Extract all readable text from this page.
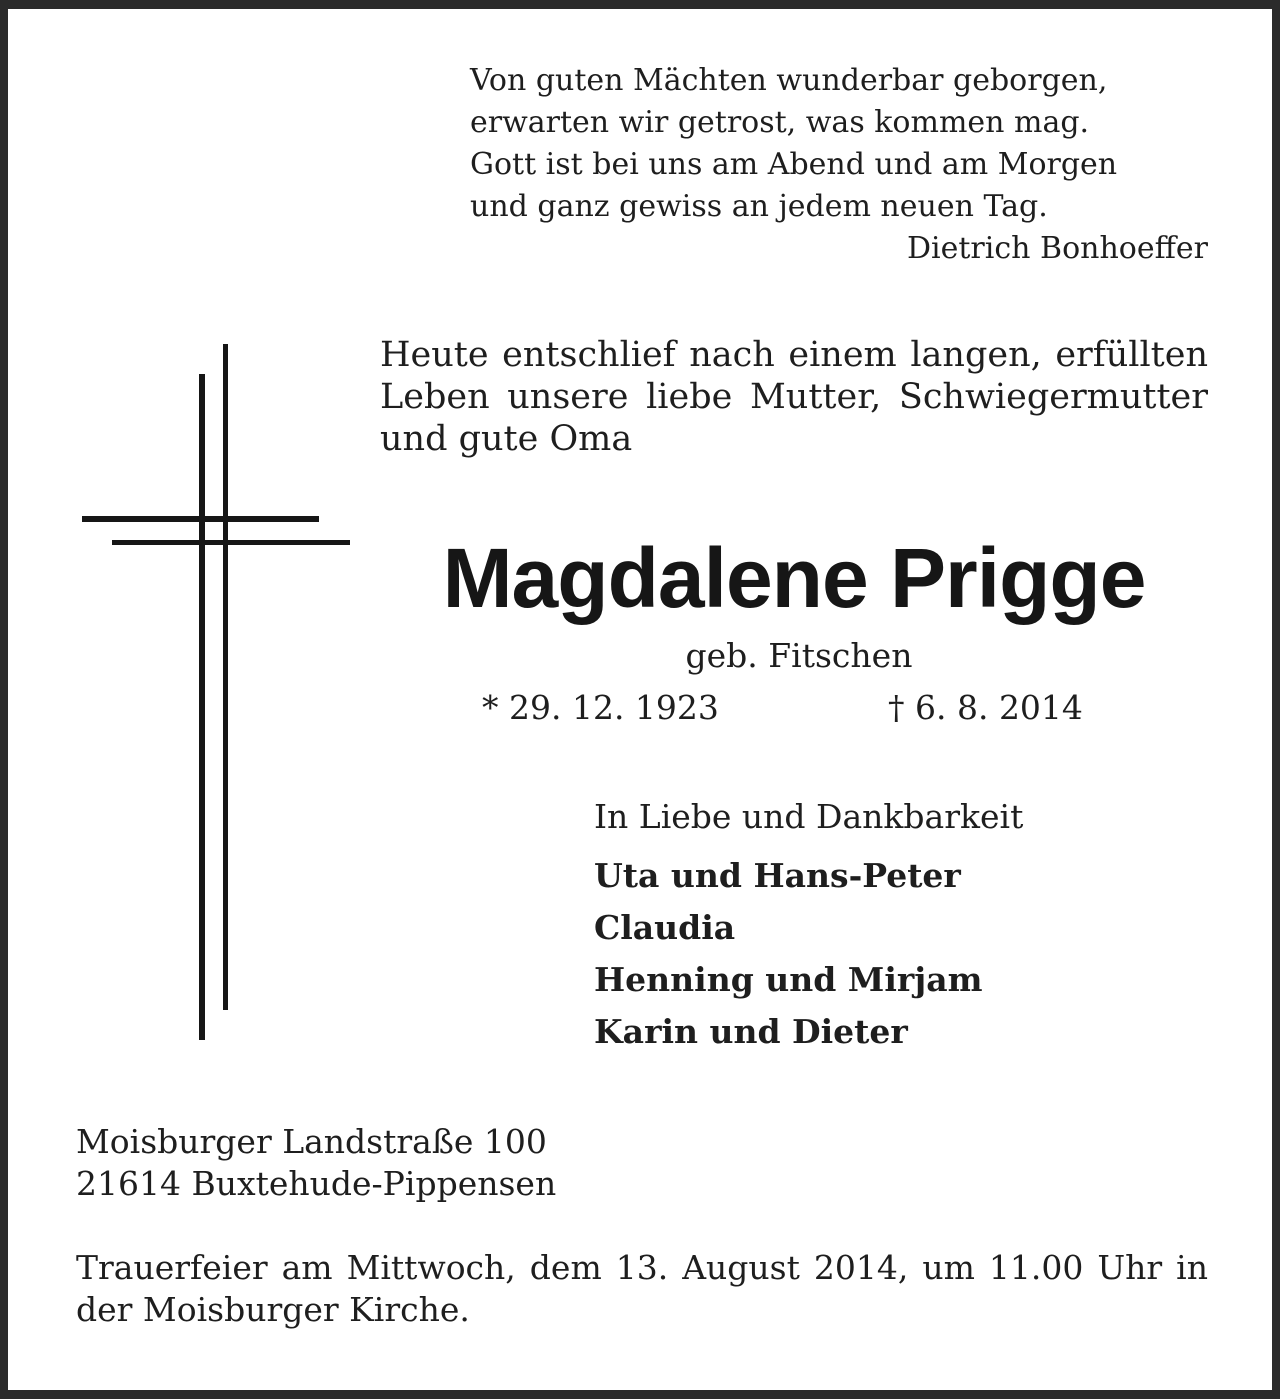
Von guten Mächten wunderbar geborgen,
erwarten wir getrost, was kommen mag.
Gott ist bei uns am Abend und am Morgen
und ganz gewiss an jedem neuen Tag.
Dietrich Bonhoeffer
Heute entschlief nach einem langen, erfüllten Leben unsere liebe Mutter, Schwiegermutter und gute Oma
Magdalene Prigge
geb. Fitschen
* 29. 12. 1923	† 6. 8. 2014
In Liebe und Dankbarkeit
Uta und Hans-Peter
Claudia
Henning und Mirjam
Karin und Dieter
Moisburger Landstraße 100
21614 Buxtehude-Pippensen
Trauerfeier am Mittwoch, dem 13. August 2014, um 11.00 Uhr in der Moisburger Kirche.
